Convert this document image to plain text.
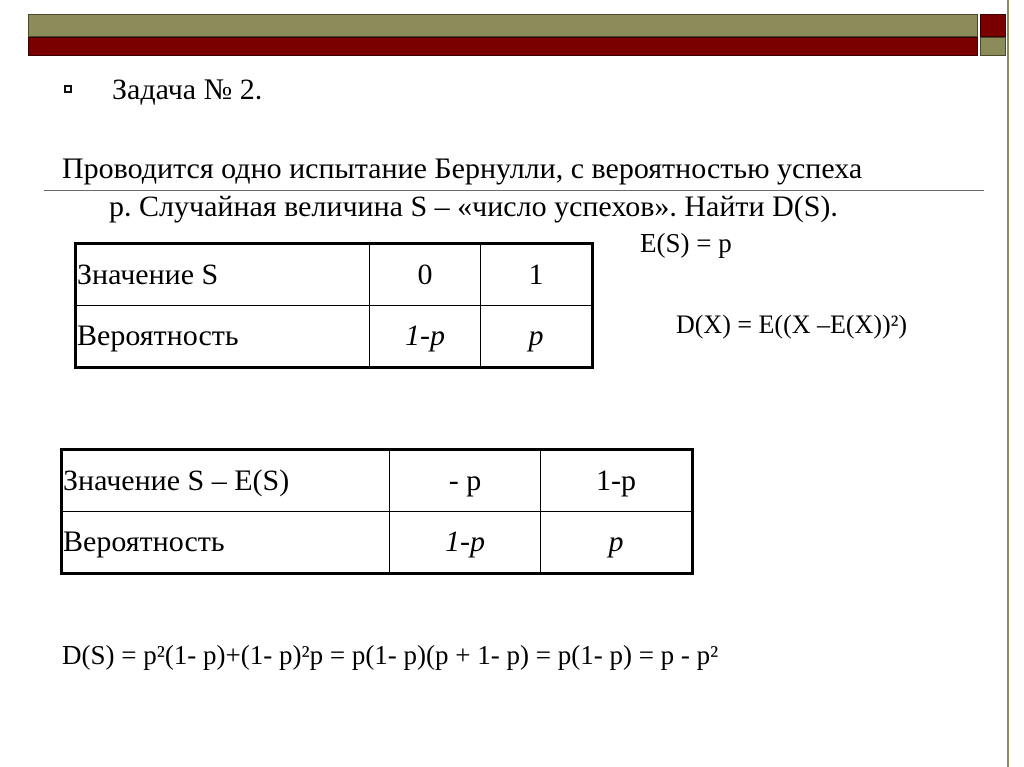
Задача № 2.
Проводится одно испытание Бернулли, с вероятностью успеха
p. Случайная величина S – «число успехов». Найти D(S).
E(S) = p
D(X) = E((X –E(X))²)
Значение S	0	1
Вероятность	1-p	p
Значение S – E(S)	- p	1-p
Вероятность	1-p	p
D(S) = p²(1- p)+(1- p)²p = p(1- p)(p + 1- p) = p(1- p) = p - p²
